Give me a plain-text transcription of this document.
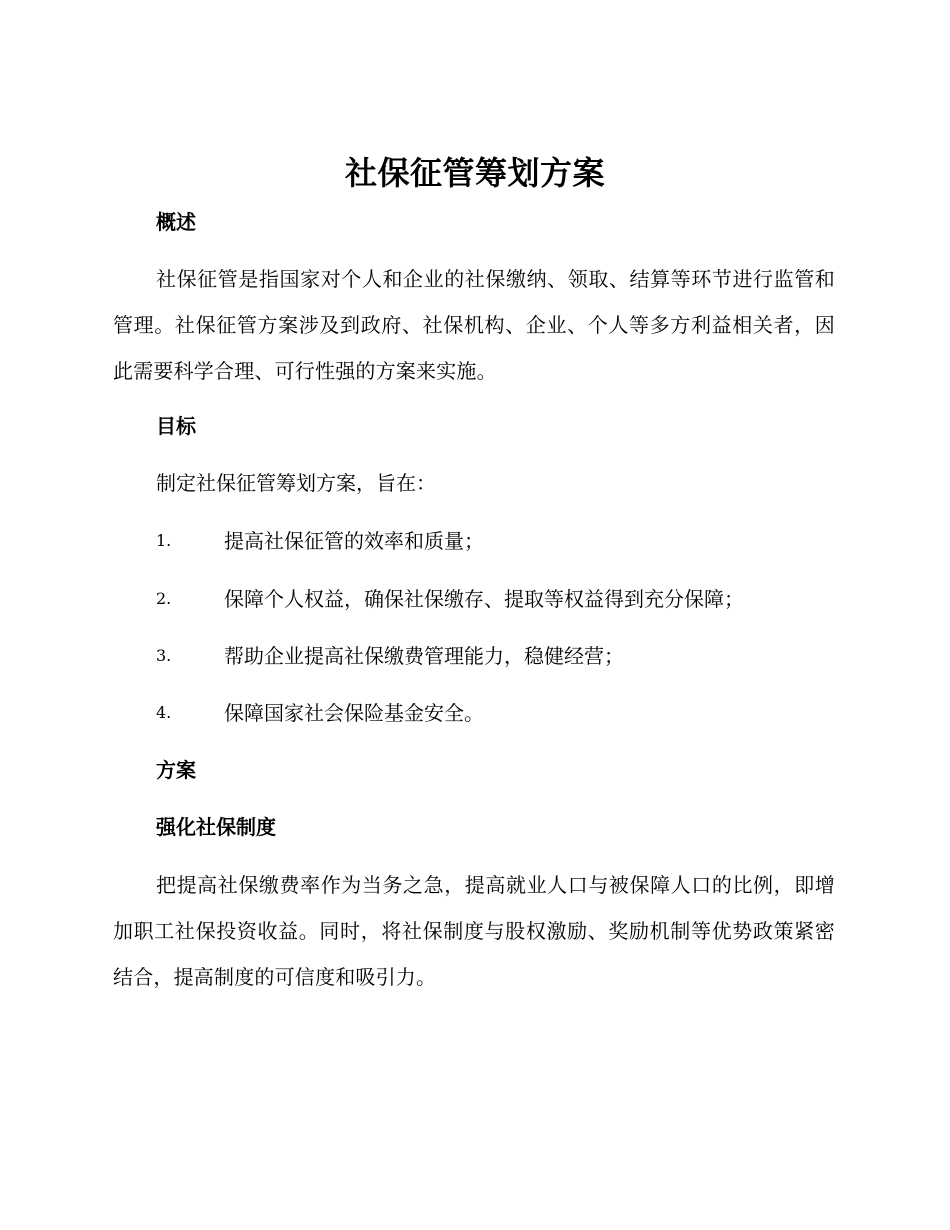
社保征管筹划方案
概述
社保征管是指国家对个人和企业的社保缴纳、领取、结算等环节进行监管和管理。社保征管方案涉及到政府、社保机构、企业、个人等多方利益相关者，因此需要科学合理、可行性强的方案来实施。
目标
制定社保征管筹划方案，旨在：
1.	提高社保征管的效率和质量；
2.	保障个人权益，确保社保缴存、提取等权益得到充分保障；
3.	帮助企业提高社保缴费管理能力，稳健经营；
4.	保障国家社会保险基金安全。
方案
强化社保制度
把提高社保缴费率作为当务之急，提高就业人口与被保障人口的比例，即增加职工社保投资收益。同时，将社保制度与股权激励、奖励机制等优势政策紧密结合，提高制度的可信度和吸引力。
